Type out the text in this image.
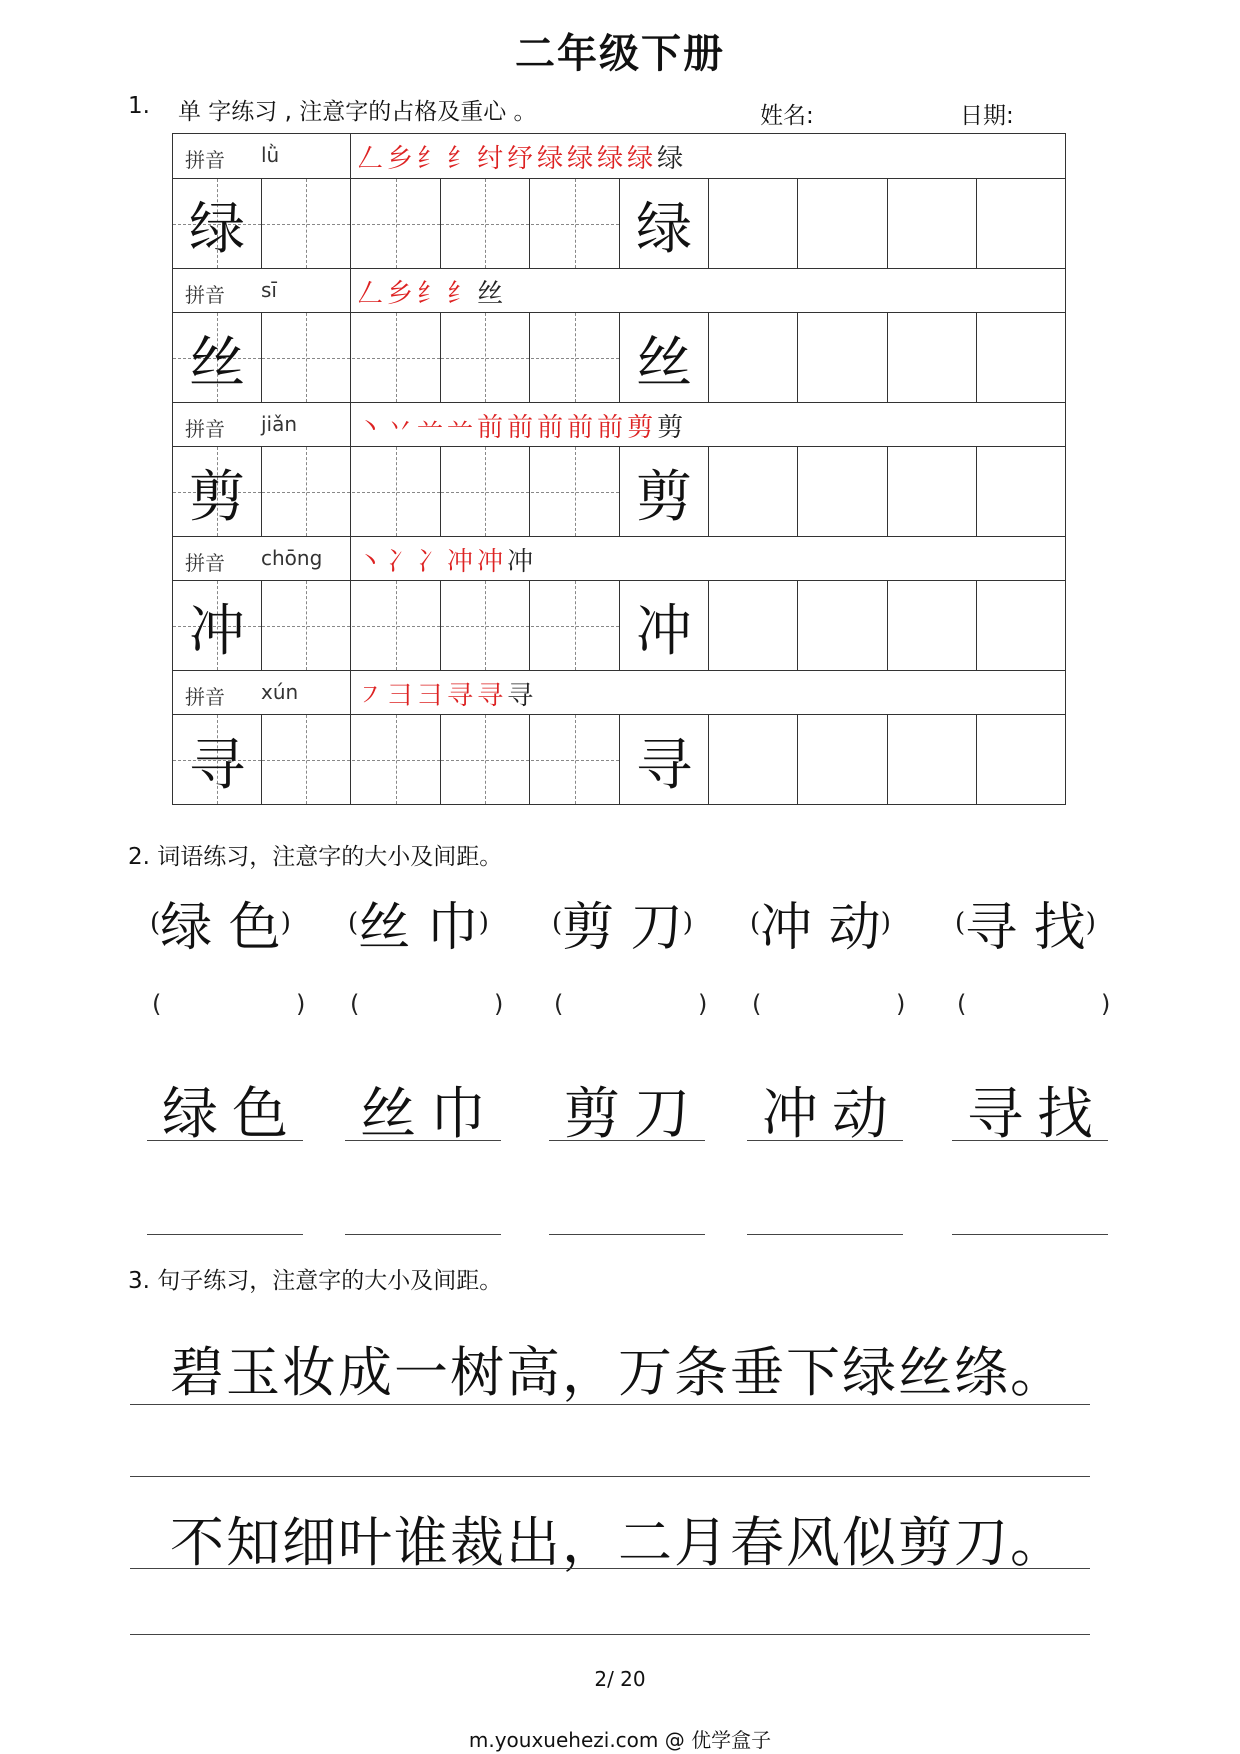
二年级下册
1. 单 字练习 , 注意字的占格及重心 。	姓名:	日期:
拼音 lǜ	𠃋乡纟纟纣纾绿绿绿绿绿
绿	绿
拼音 sī	𠃋乡纟纟丝
丝	丝
拼音 jiǎn 丶丷䒑䒑前前前前前剪剪
剪	剪
拼音 chōng 丶冫冫冲冲冲
冲	冲
拼音 xún ㇇彐彐寻寻寻
寻	寻
2. 词语练习，注意字的大小及间距。
(绿 色)
(	)
绿色
(丝 巾)
(	)
丝巾
(剪 刀)
(	)
剪刀
(冲 动)
(	)
冲动
(寻 找)
(	)
寻找
3. 句子练习，注意字的大小及间距。
碧玉妆成一树高，万条垂下绿丝绦。
不知细叶谁裁出，二月春风似剪刀。
2/ 20
m.youxuehezi.com @ 优学盒子
